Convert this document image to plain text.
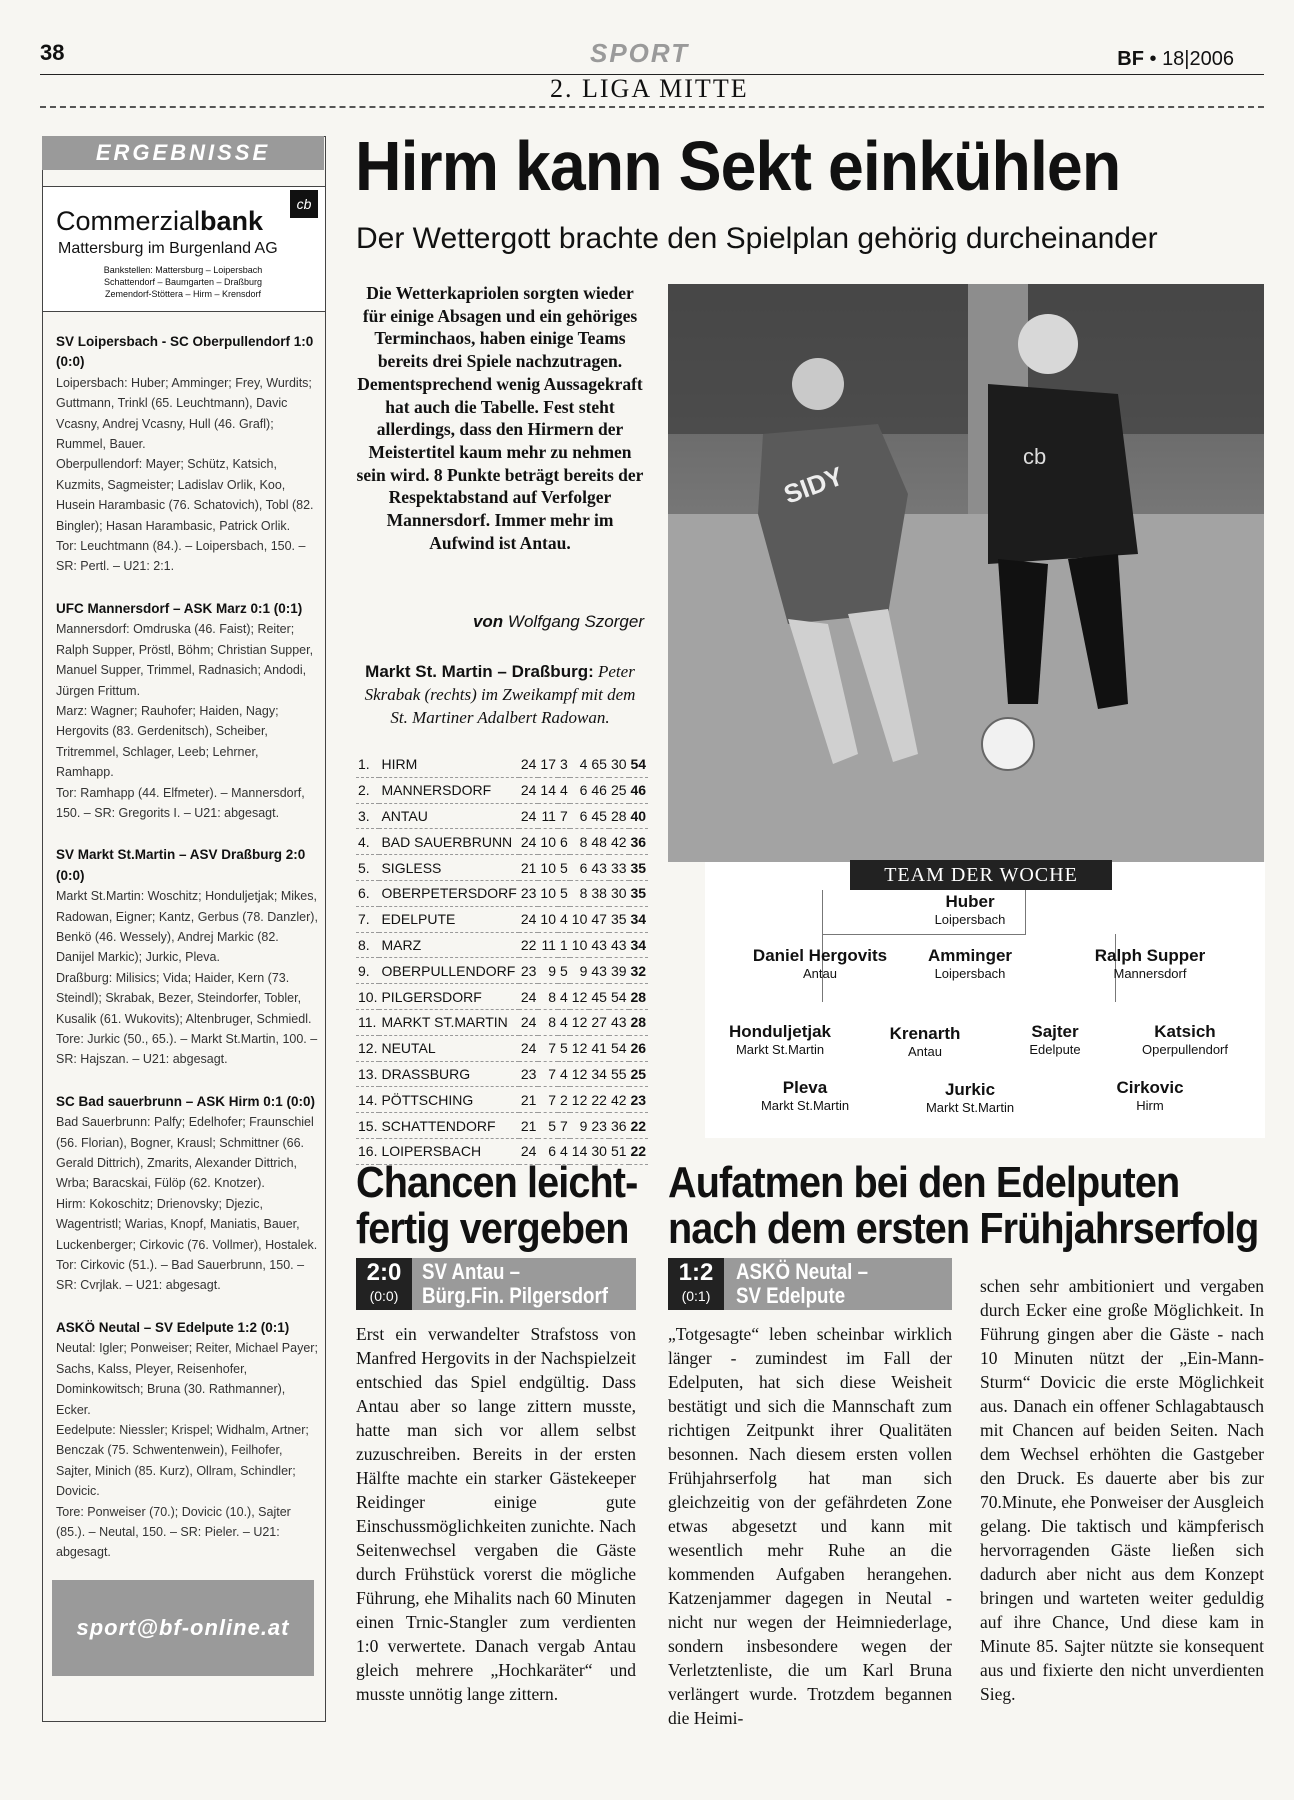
38	SPORT	BF • 18|2006
2. LIGA MITTE
ERGEBNISSE
Commerzialbank
cb
Mattersburg im Burgenland AG
Bankstellen: Mattersburg – Loipersbach
Schattendorf – Baumgarten – Draßburg
Zemendorf-Stöttera – Hirm – Krensdorf

SV Loipersbach - SC Oberpullendorf 1:0 (0:0)

Loipersbach: Huber; Amminger; Frey, Wurdits; Guttmann, Trinkl (65. Leuchtmann), Davic Vcasny, Andrej Vcasny, Hull (46. Grafl); Rummel, Bauer.

Oberpullendorf: Mayer; Schütz, Katsich, Kuzmits, Sagmeister; Ladislav Orlik, Koo, Husein Harambasic (76. Schatovich), Tobl (82. Bingler); Hasan Harambasic, Patrick Orlik.

Tor: Leuchtmann (84.). – Loipersbach, 150. – SR: Pertl. – U21: 2:1.

UFC Mannersdorf – ASK Marz 0:1 (0:1)

Mannersdorf: Omdruska (46. Faist); Reiter; Ralph Supper, Pröstl, Böhm; Christian Supper, Manuel Supper, Trimmel, Radnasich; Andodi, Jürgen Frittum.

Marz: Wagner; Rauhofer; Haiden, Nagy; Hergovits (83. Gerdenitsch), Scheiber, Tritremmel, Schlager, Leeb; Lehrner, Ramhapp.

Tor: Ramhapp (44. Elfmeter). – Mannersdorf, 150. – SR: Gregorits I. – U21: abgesagt.

SV Markt St.Martin – ASV Draßburg 2:0 (0:0)

Markt St.Martin: Woschitz; Honduljetjak; Mikes, Radowan, Eigner; Kantz, Gerbus (78. Danzler), Benkö (46. Wessely), Andrej Markic (82. Danijel Markic); Jurkic, Pleva.

Draßburg: Milisics; Vida; Haider, Kern (73. Steindl); Skrabak, Bezer, Steindorfer, Tobler, Kusalik (61. Wukovits); Altenbruger, Schmiedl.

Tore: Jurkic (50., 65.). – Markt St.Martin, 100. – SR: Hajszan. – U21: abgesagt.

SC Bad sauerbrunn – ASK Hirm 0:1 (0:0)

Bad Sauerbrunn: Palfy; Edelhofer; Fraunschiel (56. Florian), Bogner, Krausl; Schmittner (66. Gerald Dittrich), Zmarits, Alexander Dittrich, Wrba; Baracskai, Fülöp (62. Knotzer).

Hirm: Kokoschitz; Drienovsky; Djezic, Wagentristl; Warias, Knopf, Maniatis, Bauer, Luckenberger; Cirkovic (76. Vollmer), Hostalek.

Tor: Cirkovic (51.). – Bad Sauerbrunn, 150. – SR: Cvrjlak. – U21: abgesagt.

ASKÖ Neutal – SV Edelpute 1:2 (0:1)

Neutal: Igler; Ponweiser; Reiter, Michael Payer; Sachs, Kalss, Pleyer, Reisenhofer, Dominkowitsch; Bruna (30. Rathmanner), Ecker.

Eedelpute: Niessler; Krispel; Widhalm, Artner; Benczak (75. Schwentenwein), Feilhofer, Sajter, Minich (85. Kurz), Ollram, Schindler; Dovicic.

Tore: Ponweiser (70.); Dovicic (10.), Sajter (85.). – Neutal, 150. – SR: Pieler. – U21: abgesagt.

sport@bf-online.at
Hirm kann Sekt einkühlen
Der Wettergott brachte den Spielplan gehörig durcheinander
Die Wetterkapriolen sorgten wieder für einige Absagen und ein gehöriges Terminchaos, haben einige Teams bereits drei Spiele nachzutragen. Dementsprechend wenig Aussagekraft hat auch die Tabelle. Fest steht allerdings, dass den Hirmern der Meistertitel kaum mehr zu nehmen sein wird. 8 Punkte beträgt bereits der Respektabstand auf Verfolger Mannersdorf. Immer mehr im Aufwind ist Antau.
von Wolfgang Szorger
Markt St. Martin – Draßburg: Peter Skrabak (rechts) im Zweikampf mit dem St. Martiner Adalbert Radowan.
1.	HIRM	24	17	3	4	65	30	54
2.	MANNERSDORF	24	14	4	6	46	25	46
3.	ANTAU	24	11	7	6	45	28	40
4.	BAD SAUERBRUNN	24	10	6	8	48	42	36
5.	SIGLESS	21	10	5	6	43	33	35
6.	OBERPETERSDORF	23	10	5	8	38	30	35
7.	EDELPUTE	24	10	4	10	47	35	34
8.	MARZ	22	11	1	10	43	43	34
9.	OBERPULLENDORF	23	9	5	9	43	39	32
10.	PILGERSDORF	24	8	4	12	45	54	28
11.	MARKT ST.MARTIN	24	8	4	12	27	43	28
12.	NEUTAL	24	7	5	12	41	54	26
13.	DRASSBURG	23	7	4	12	34	55	25
14.	PÖTTSCHING	21	7	2	12	22	42	23
15.	SCHATTENDORF	21	5	7	9	23	36	22
16.	LOIPERSBACH	24	6	4	14	30	51	22
cb
SIDY
TEAM DER WOCHE
Huber
Loipersbach
Daniel Hergovits
Antau
Amminger
Loipersbach
Ralph Supper
Mannersdorf
Honduljetjak
Markt St.Martin
Krenarth
Antau
Sajter
Edelpute
Katsich
Operpullendorf
Pleva
Markt St.Martin
Jurkic
Markt St.Martin
Cirkovic
Hirm
Chancen leicht-
fertig vergeben
2:0
(0:0)
SV Antau –
Bürg.Fin. Pilgersdorf
Erst ein verwandelter Strafstoss von Manfred Hergovits in der Nachspielzeit entschied das Spiel endgültig. Dass Antau aber so lange zittern musste, hatte man sich vor allem selbst zuzuschreiben. Bereits in der ersten Hälfte machte ein starker Gästekeeper Reidinger einige gute Einschussmöglichkeiten zunichte. Nach Seitenwechsel vergaben die Gäste durch Frühstück vorerst die mögliche Führung, ehe Mihalits nach 60 Minuten einen Trnic-Stangler zum verdienten 1:0 verwertete. Danach vergab Antau gleich mehrere „Hochkaräter“ und musste unnötig lange zittern.
Aufatmen bei den Edelputen
nach dem ersten Frühjahrserfolg
1:2
(0:1)
ASKÖ Neutal –
SV Edelpute
„Totgesagte“ leben scheinbar wirklich länger - zumindest im Fall der Edelputen, hat sich diese Weisheit bestätigt und sich die Mannschaft zum richtigen Zeitpunkt ihrer Qualitäten besonnen. Nach diesem ersten vollen Frühjahrserfolg hat man sich gleichzeitig von der gefährdeten Zone etwas abgesetzt und kann mit wesentlich mehr Ruhe an die kommenden Aufgaben herangehen. Katzenjammer dagegen in Neutal - nicht nur wegen der Heimniederlage, sondern insbesondere wegen der Verletztenliste, die um Karl Bruna verlängert wurde. Trotzdem begannen die Heimi-
schen sehr ambitioniert und vergaben durch Ecker eine große Möglichkeit. In Führung gingen aber die Gäste - nach 10 Minuten nützt der „Ein-Mann-Sturm“ Dovicic die erste Möglichkeit aus. Danach ein offener Schlagabtausch mit Chancen auf beiden Seiten. Nach dem Wechsel erhöhten die Gastgeber den Druck. Es dauerte aber bis zur 70.Minute, ehe Ponweiser der Ausgleich gelang. Die taktisch und kämpferisch hervorragenden Gäste ließen sich dadurch aber nicht aus dem Konzept bringen und warteten weiter geduldig auf ihre Chance, Und diese kam in Minute 85. Sajter nützte sie konsequent aus und fixierte den nicht unverdienten Sieg.
